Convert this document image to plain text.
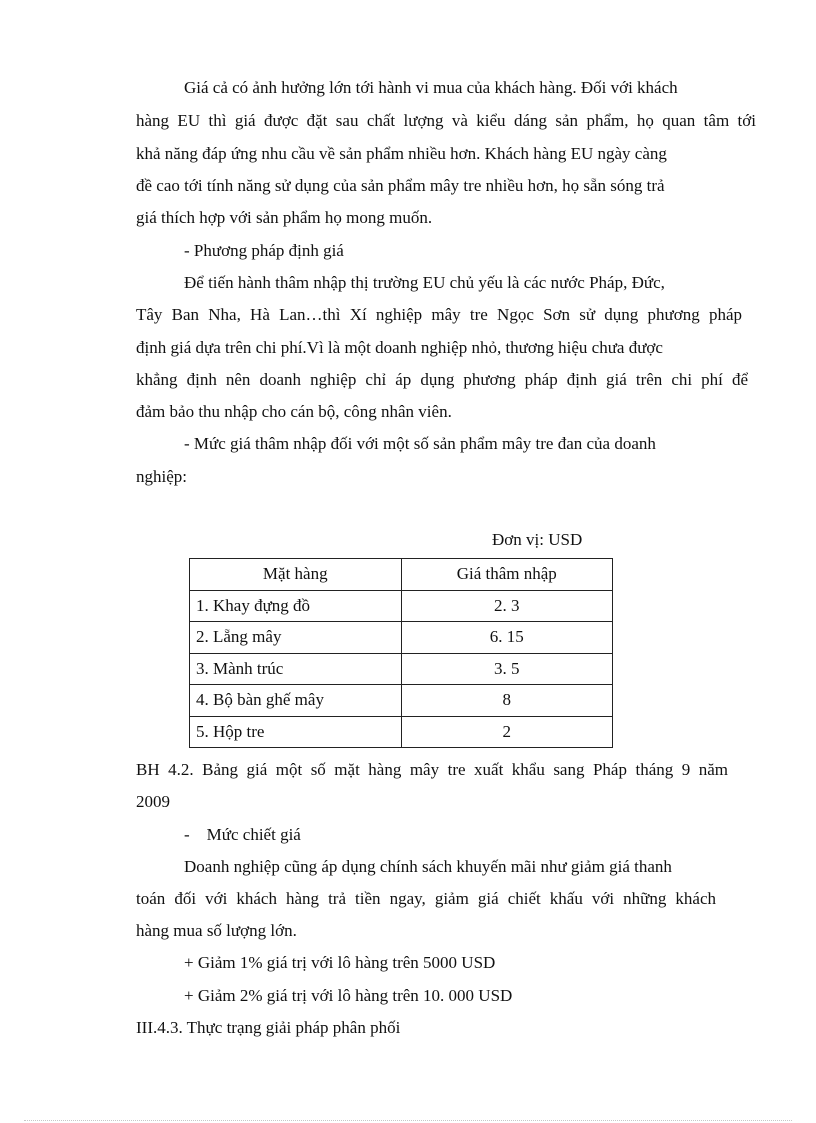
Giá cả có ảnh hưởng lớn tới hành vi mua của khách hàng. Đối với khách
hàng EU thì giá được đặt sau chất lượng và kiểu dáng sản phẩm, họ quan tâm tới
khả năng đáp ứng nhu cầu về sản phẩm nhiều hơn. Khách hàng EU ngày càng
đề cao tới tính năng sử dụng của sản phẩm mây tre nhiều hơn, họ sẵn sóng trả
giá thích hợp với sản phẩm họ mong muốn.
- Phương pháp định giá
Để tiến hành thâm nhập thị trường EU chủ yếu là các nước Pháp, Đức,
Tây Ban Nha, Hà Lan…thì Xí nghiệp mây tre Ngọc Sơn sử dụng phương pháp
định giá dựa trên chi phí.Vì là một doanh nghiệp nhỏ, thương hiệu chưa được
khẳng định nên doanh nghiệp chỉ áp dụng phương pháp định giá trên chi phí để
đảm bảo thu nhập cho cán bộ, công nhân viên.
- Mức giá thâm nhập đối với một số sản phẩm mây tre đan của doanh
nghiệp:
Đơn vị: USD
Mặt hàng	Giá thâm nhập
1. Khay đựng đồ	2. 3
2. Lẵng mây	6. 15
3. Mành trúc	3. 5
4. Bộ bàn ghế mây	8
5. Hộp tre	2
BH 4.2. Bảng giá một số mặt hàng mây tre xuất khẩu sang Pháp tháng 9 năm
2009
-    Mức chiết giá
Doanh nghiệp cũng áp dụng chính sách khuyến mãi như giảm giá thanh
toán đối với khách hàng trả tiền ngay, giảm giá chiết khấu với những khách
hàng mua số lượng lớn.
+ Giảm 1% giá trị với lô hàng trên 5000 USD
+ Giảm 2% giá trị với lô hàng trên 10. 000 USD
III.4.3. Thực trạng giải pháp phân phối
